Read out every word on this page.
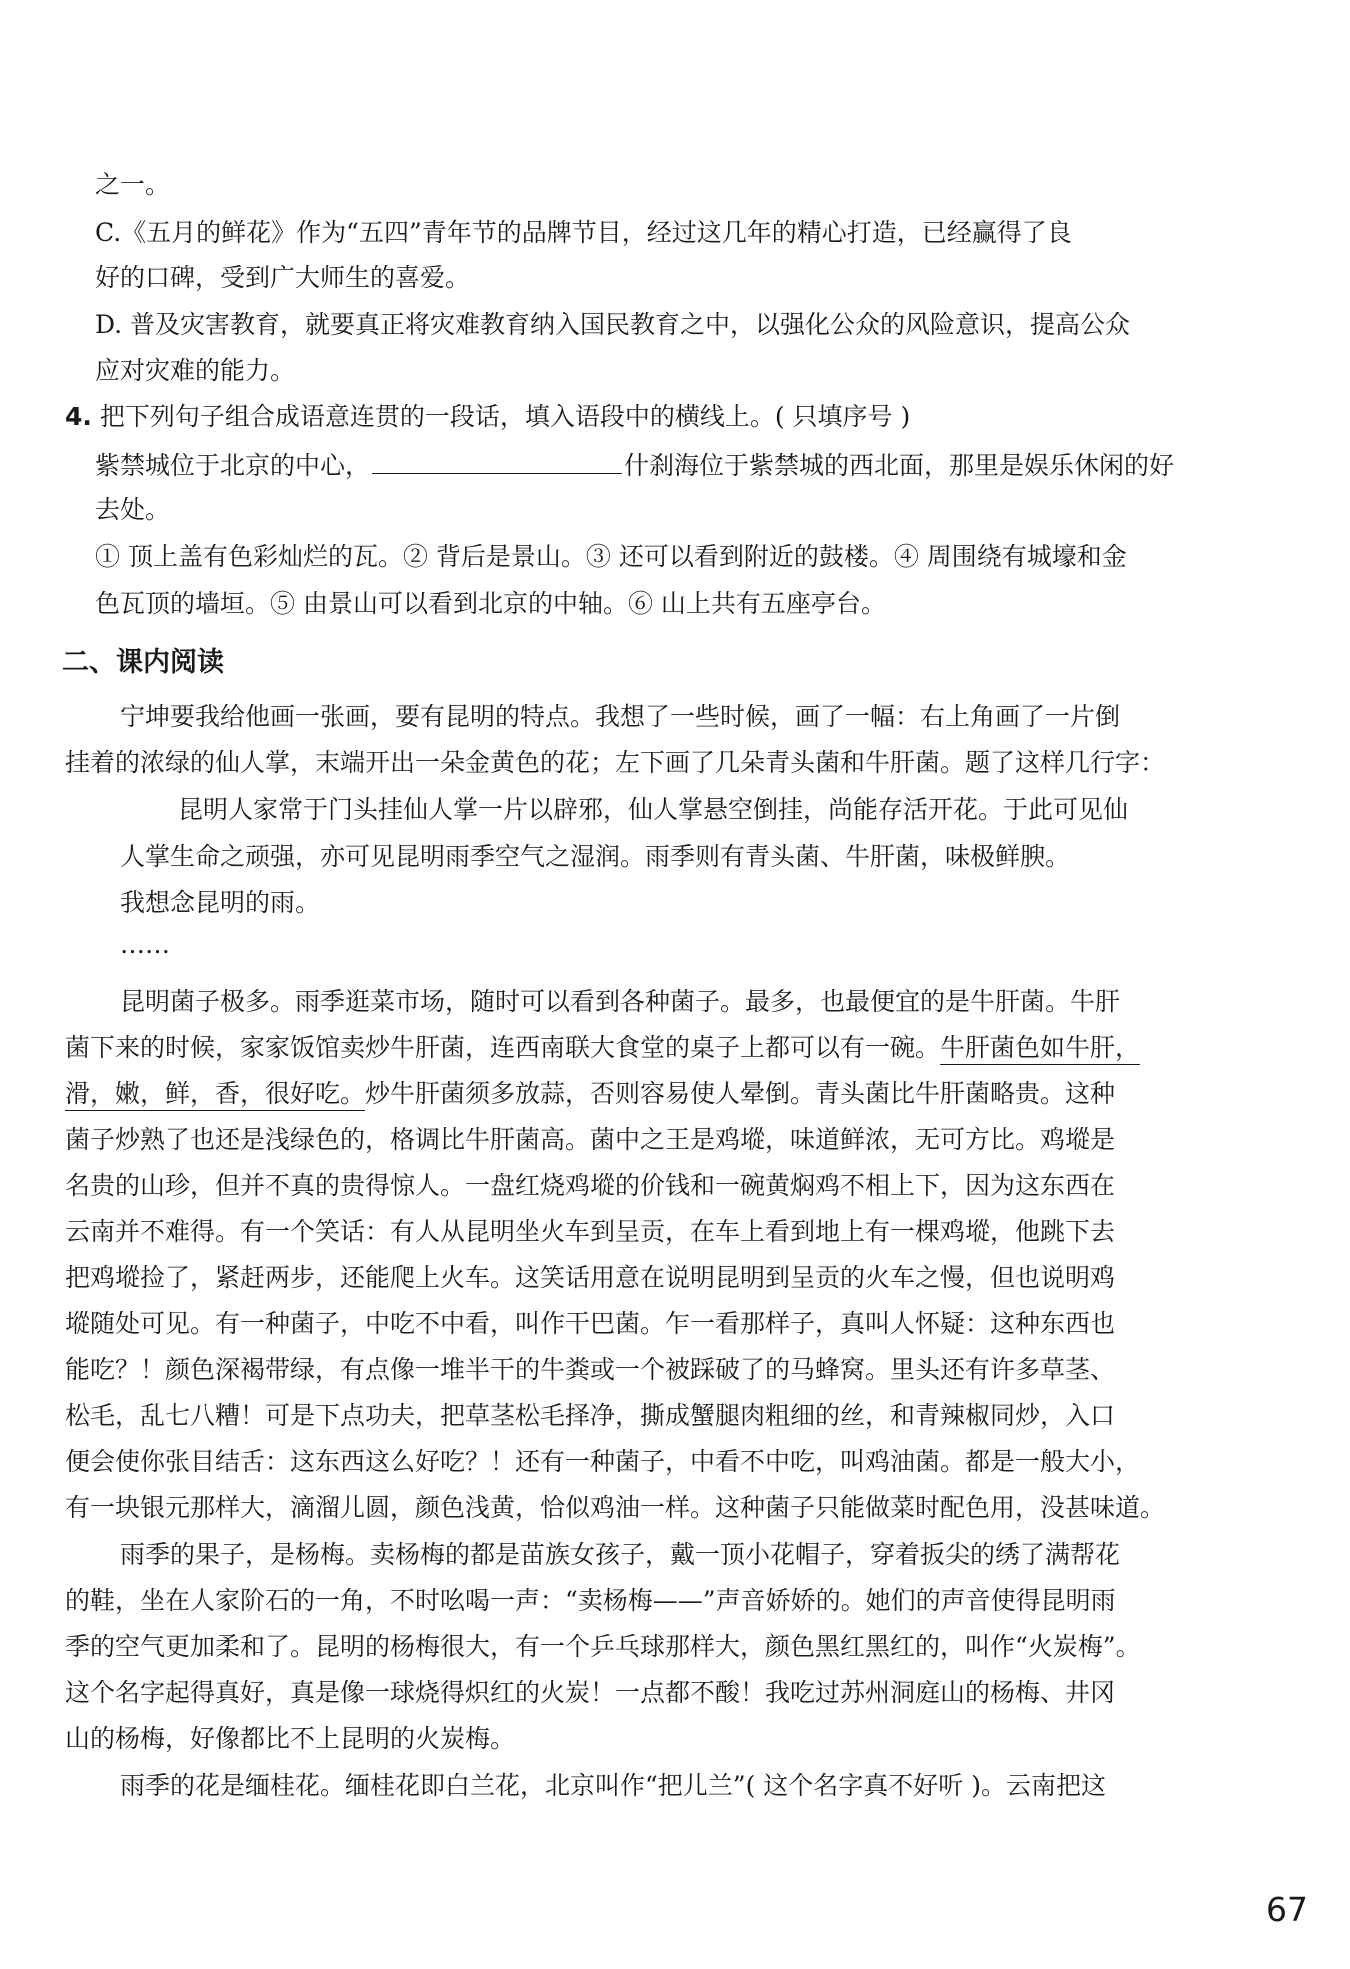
之一。
C.《五月的鲜花》作为“五四”青年节的品牌节目，经过这几年的精心打造，已经赢得了良
好的口碑，受到广大师生的喜爱。
D. 普及灾害教育，就要真正将灾难教育纳入国民教育之中，以强化公众的风险意识，提高公众
应对灾难的能力。
4. 把下列句子组合成语意连贯的一段话，填入语段中的横线上。( 只填序号 )
紫禁城位于北京的中心，	什刹海位于紫禁城的西北面，那里是娱乐休闲的好
去处。
① 顶上盖有色彩灿烂的瓦。② 背后是景山。③ 还可以看到附近的鼓楼。④ 周围绕有城壕和金
色瓦顶的墙垣。⑤ 由景山可以看到北京的中轴。⑥ 山上共有五座亭台。
二、课内阅读
宁坤要我给他画一张画，要有昆明的特点。我想了一些时候，画了一幅：右上角画了一片倒
挂着的浓绿的仙人掌，末端开出一朵金黄色的花；左下画了几朵青头菌和牛肝菌。题了这样几行字：
昆明人家常于门头挂仙人掌一片以辟邪，仙人掌悬空倒挂，尚能存活开花。于此可见仙
人掌生命之顽强，亦可见昆明雨季空气之湿润。雨季则有青头菌、牛肝菌，味极鲜腴。
我想念昆明的雨。
……
昆明菌子极多。雨季逛菜市场，随时可以看到各种菌子。最多，也最便宜的是牛肝菌。牛肝
菌下来的时候，家家饭馆卖炒牛肝菌，连西南联大食堂的桌子上都可以有一碗。牛肝菌色如牛肝，
滑，嫩，鲜，香，很好吃。炒牛肝菌须多放蒜，否则容易使人晕倒。青头菌比牛肝菌略贵。这种
菌子炒熟了也还是浅绿色的，格调比牛肝菌高。菌中之王是鸡㙡，味道鲜浓，无可方比。鸡㙡是
名贵的山珍，但并不真的贵得惊人。一盘红烧鸡㙡的价钱和一碗黄焖鸡不相上下，因为这东西在
云南并不难得。有一个笑话：有人从昆明坐火车到呈贡，在车上看到地上有一棵鸡㙡，他跳下去
把鸡㙡捡了，紧赶两步，还能爬上火车。这笑话用意在说明昆明到呈贡的火车之慢，但也说明鸡
㙡随处可见。有一种菌子，中吃不中看，叫作干巴菌。乍一看那样子，真叫人怀疑：这种东西也
能吃？！颜色深褐带绿，有点像一堆半干的牛粪或一个被踩破了的马蜂窝。里头还有许多草茎、
松毛，乱七八糟！可是下点功夫，把草茎松毛择净，撕成蟹腿肉粗细的丝，和青辣椒同炒，入口
便会使你张目结舌：这东西这么好吃？！还有一种菌子，中看不中吃，叫鸡油菌。都是一般大小，
有一块银元那样大，滴溜儿圆，颜色浅黄，恰似鸡油一样。这种菌子只能做菜时配色用，没甚味道。
雨季的果子，是杨梅。卖杨梅的都是苗族女孩子，戴一顶小花帽子，穿着扳尖的绣了满帮花
的鞋，坐在人家阶石的一角，不时吆喝一声：“卖杨梅——”声音娇娇的。她们的声音使得昆明雨
季的空气更加柔和了。昆明的杨梅很大，有一个乒乓球那样大，颜色黑红黑红的，叫作“火炭梅”。
这个名字起得真好，真是像一球烧得炽红的火炭！一点都不酸！我吃过苏州洞庭山的杨梅、井冈
山的杨梅，好像都比不上昆明的火炭梅。
雨季的花是缅桂花。缅桂花即白兰花，北京叫作“把儿兰”( 这个名字真不好听 )。云南把这
67
